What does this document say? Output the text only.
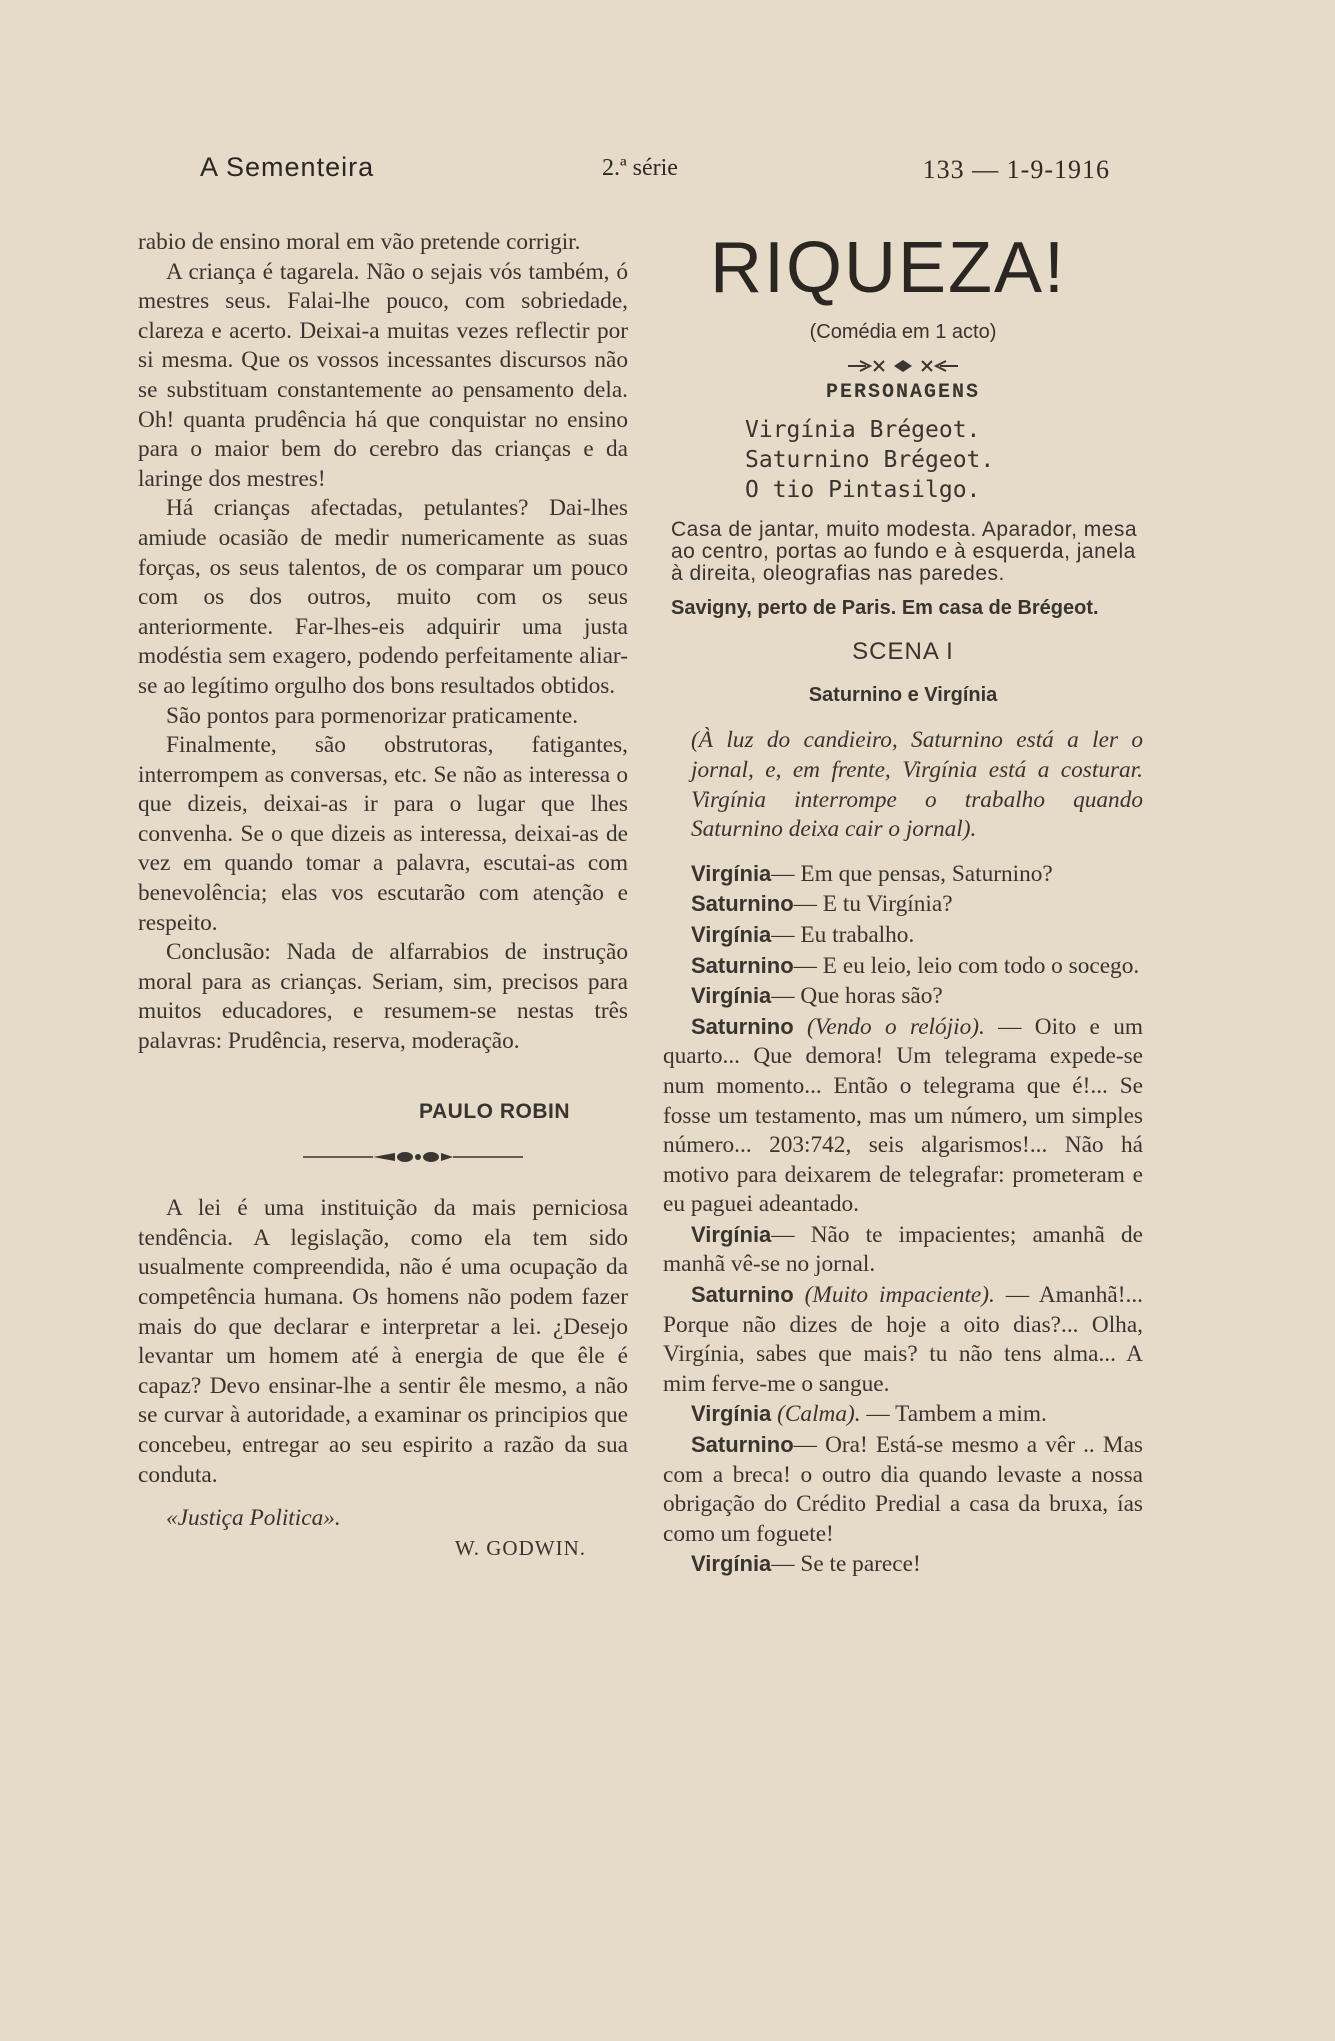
A Sementeira	2.ª série	133 — 1-9-1916

rabio de ensino moral em vão pretende corrigir.

A criança é tagarela. Não o sejais vós também, ó mestres seus. Falai-lhe pouco, com sobriedade, clareza e acerto. Deixai-a muitas vezes reflectir por si mesma. Que os vossos incessantes discursos não se substituam constantemente ao pensamento dela. Oh! quanta prudência há que conquistar no ensino para o maior bem do cerebro das crianças e da laringe dos mestres!

Há crianças afectadas, petulantes? Dai-lhes amiude ocasião de medir numericamente as suas forças, os seus talentos, de os comparar um pouco com os dos outros, muito com os seus anteriormente. Far-lhes-eis adquirir uma justa modéstia sem exagero, podendo perfeitamente aliar-se ao legítimo orgulho dos bons resultados obtidos.

São pontos para pormenorizar praticamente.

Finalmente, são obstrutoras, fatigantes, interrompem as conversas, etc. Se não as interessa o que dizeis, deixai-as ir para o lugar que lhes convenha. Se o que dizeis as interessa, deixai-as de vez em quando tomar a palavra, escutai-as com benevolência; elas vos escutarão com atenção e respeito.

Conclusão: Nada de alfarrabios de instrução moral para as crianças. Seriam, sim, precisos para muitos educadores, e resumem-se nestas três palavras: Prudência, reserva, moderação.

PAULO ROBIN

A lei é uma instituição da mais perniciosa tendência. A legislação, como ela tem sido usualmente compreendida, não é uma ocupação da competência humana. Os homens não podem fazer mais do que declarar e interpretar a lei. ¿Desejo levantar um homem até à energia de que êle é capaz? Devo ensinar-lhe a sentir êle mesmo, a não se curvar à autoridade, a examinar os principios que concebeu, entregar ao seu espirito a razão da sua conduta.

«Justiça Politica».
W. GODWIN.

RIQUEZA!

(Comédia em 1 acto)

PERSONAGENS

Virgínia Brégeot.
Saturnino Brégeot.
O tio Pintasilgo.

Casa de jantar, muito modesta. Aparador, mesa ao centro, portas ao fundo e à esquerda, janela à direita, oleografias nas paredes.

Savigny, perto de Paris. Em casa de Brégeot.

SCENA I

Saturnino e Virgínia

(À luz do candieiro, Saturnino está a ler o jornal, e, em frente, Virgínia está a costurar. Virgínia interrompe o trabalho quando Saturnino deixa cair o jornal).

Virgínia— Em que pensas, Saturnino?

Saturnino— E tu Virgínia?

Virgínia— Eu trabalho.

Saturnino— E eu leio, leio com todo o socego.

Virgínia— Que horas são?

Saturnino (Vendo o relójio). — Oito e um quarto... Que demora! Um telegrama expede-se num momento... Então o telegrama que é!... Se fosse um testamento, mas um número, um simples número... 203:742, seis algarismos!... Não há motivo para deixarem de telegrafar: prometeram e eu paguei adeantado.

Virgínia— Não te impacientes; amanhã de manhã vê-se no jornal.

Saturnino (Muito impaciente). — Amanhã!... Porque não dizes de hoje a oito dias?... Olha, Virgínia, sabes que mais? tu não tens alma... A mim ferve-me o sangue.

Virgínia (Calma). — Tambem a mim.

Saturnino— Ora! Está-se mesmo a vêr .. Mas com a breca! o outro dia quando levaste a nossa obrigação do Crédito Predial a casa da bruxa, ías como um foguete!

Virgínia— Se te parece!
